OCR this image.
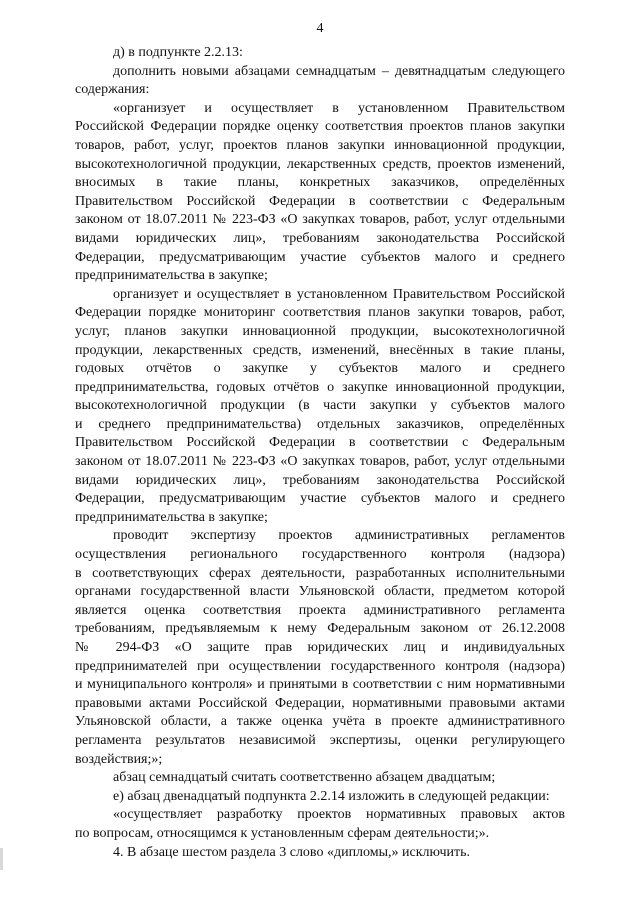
4
д) в подпункте 2.2.13:
дополнить новыми абзацами семнадцатым – девятнадцатым следующего
содержания:
«организует и осуществляет в установленном Правительством
Российской Федерации порядке оценку соответствия проектов планов закупки
товаров, работ, услуг, проектов планов закупки инновационной продукции,
высокотехнологичной продукции, лекарственных средств, проектов изменений,
вносимых в такие планы, конкретных заказчиков, определённых
Правительством Российской Федерации в соответствии с Федеральным
законом от 18.07.2011 № 223-ФЗ «О закупках товаров, работ, услуг отдельными
видами юридических лиц», требованиям законодательства Российской
Федерации, предусматривающим участие субъектов малого и среднего
предпринимательства в закупке;
организует и осуществляет в установленном Правительством Российской
Федерации порядке мониторинг соответствия планов закупки товаров, работ,
услуг, планов закупки инновационной продукции, высокотехнологичной
продукции, лекарственных средств, изменений, внесённых в такие планы,
годовых отчётов о закупке у субъектов малого и среднего
предпринимательства, годовых отчётов о закупке инновационной продукции,
высокотехнологичной продукции (в части закупки у субъектов малого
и среднего предпринимательства) отдельных заказчиков, определённых
Правительством Российской Федерации в соответствии с Федеральным
законом от 18.07.2011 № 223-ФЗ «О закупках товаров, работ, услуг отдельными
видами юридических лиц», требованиям законодательства Российской
Федерации, предусматривающим участие субъектов малого и среднего
предпринимательства в закупке;
проводит экспертизу проектов административных регламентов
осуществления регионального государственного контроля (надзора)
в соответствующих сферах деятельности, разработанных исполнительными
органами государственной власти Ульяновской области, предметом которой
является оценка соответствия проекта административного регламента
требованиям, предъявляемым к нему Федеральным законом от 26.12.2008
№ 294-ФЗ «О защите прав юридических лиц и индивидуальных
предпринимателей при осуществлении государственного контроля (надзора)
и муниципального контроля» и принятыми в соответствии с ним нормативными
правовыми актами Российской Федерации, нормативными правовыми актами
Ульяновской области, а также оценка учёта в проекте административного
регламента результатов независимой экспертизы, оценки регулирующего
воздействия;»;
абзац семнадцатый считать соответственно абзацем двадцатым;
е) абзац двенадцатый подпункта 2.2.14 изложить в следующей редакции:
«осуществляет разработку проектов нормативных правовых актов
по вопросам, относящимся к установленным сферам деятельности;».
4. В абзаце шестом раздела 3 слово «дипломы,» исключить.
